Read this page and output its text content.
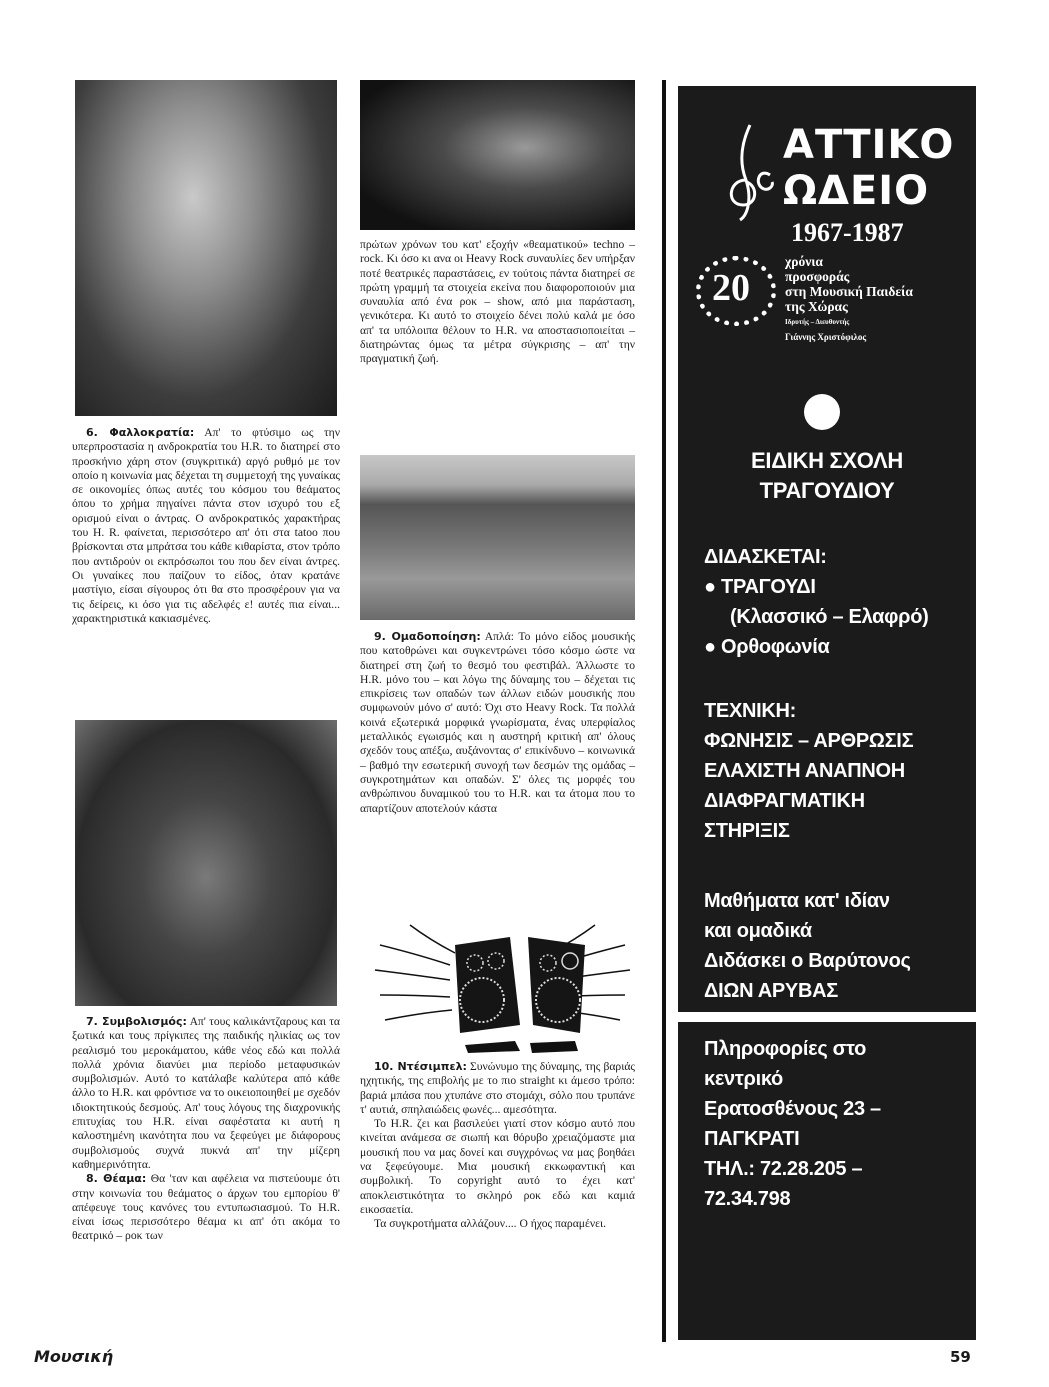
6. Φαλλοκρατία: Απ' το φτύσιμο ως την υπερπροστασία η ανδροκρατία του H.R. το διατηρεί στο προσκήνιο χάρη στον (συγκριτικά) αργό ρυθμό με τον οποίο η κοινωνία μας δέχεται τη συμμετοχή της γυναίκας σε οικονομίες όπως αυτές του κόσμου του θεάματος όπου το χρήμα πηγαίνει πάντα στον ισχυρό του εξ ορισμού είναι ο άντρας. Ο ανδροκρατικός χαρακτήρας του H. R. φαίνεται, περισσότερο απ' ότι στα tatoo που βρίσκονται στα μπράτσα του κάθε κιθαρίστα, στον τρόπο που αντιδρούν οι εκπρόσωποι του που δεν είναι άντρες. Οι γυναίκες που παίζουν το είδος, όταν κρατάνε μαστίγιο, είσαι σίγουρος ότι θα στο προσφέρουν για να τις δείρεις, κι όσο για τις αδελφές ε! αυτές πια είναι... χαρακτηριστικά κακιασμένες.

7. Συμβολισμός: Απ' τους καλικάντζαρους και τα ξωτικά και τους πρίγκιπες της παιδικής ηλικίας ως τον ρεαλισμό του μεροκάματου, κάθε νέος εδώ και πολλά πολλά χρόνια διανύει μια περίοδο μεταφυσικών συμβολισμών. Αυτό το κατάλαβε καλύτερα από κάθε άλλο το H.R. και φρόντισε να το οικειοποιηθεί με σχεδόν ιδιοκτητικούς δεσμούς. Απ' τους λόγους της διαχρονικής επιτυχίας του H.R. είναι σαφέστατα κι αυτή η καλοστημένη ικανότητα που να ξεφεύγει με διάφορους συμβολισμούς συχνά πυκνά απ' την μίζερη καθημερινότητα.

8. Θέαμα: Θα 'ταν και αφέλεια να πιστεύουμε ότι στην κοινωνία του θεάματος ο άρχων του εμπορίου θ' απέφευγε τους κανόνες του εντυπωσιασμού. Το H.R. είναι ίσως περισσότερο θέαμα κι απ' ότι ακόμα το θεατρικό – ροκ των

πρώτων χρόνων του κατ' εξοχήν «θεαματικού» techno – rock. Κι όσο κι ανα οι Heavy Rock συναυλίες δεν υπήρξαν ποτέ θεατρικές παραστάσεις, εν τούτοις πάντα διατηρεί σε πρώτη γραμμή τα στοιχεία εκείνα που διαφοροποιούν μια συναυλία από ένα ροκ – show, από μια παράσταση, γενικότερα. Κι αυτό το στοιχείο δένει πολύ καλά με όσο απ' τα υπόλοιπα θέλουν το H.R. να αποστασιοποιείται – διατηρώντας όμως τα μέτρα σύγκρισης – απ' την πραγματική ζωή.

9. Ομαδοποίηση: Απλά: Το μόνο είδος μουσικής που κατοθρώνει και συγκεντρώνει τόσο κόσμο ώστε να διατηρεί στη ζωή το θεσμό του φεστιβάλ. Άλλωστε το H.R. μόνο του – και λόγω της δύναμης του – δέχεται τις επικρίσεις των οπαδών των άλλων ειδών μουσικής που συμφωνούν μόνο σ' αυτό: Όχι στο Heavy Rock. Τα πολλά κοινά εξωτερικά μορφικά γνωρίσματα, ένας υπερφίαλος μεταλλικός εγωισμός και η αυστηρή κριτική απ' όλους σχεδόν τους απέξω, αυξάνοντας σ' επικίνδυνο – κοινωνικά – βαθμό την εσωτερική συνοχή των δεσμών της ομάδας – συγκροτημάτων και οπαδών. Σ' όλες τις μορφές του ανθρώπινου δυναμικού του το H.R. και τα άτομα που το απαρτίζουν αποτελούν κάστα

10. Ντέσιμπελ: Συνώνυμο της δύναμης, της βαριάς ηχητικής, της επιβολής με το πιο straight κι άμεσο τρόπο: βαριά μπάσα που χτυπάνε στο στομάχι, σόλο που τρυπάνε τ' αυτιά, σπηλαιώδεις φωνές... αμεσότητα.

Το H.R. ζει και βασιλεύει γιατί στον κόσμο αυτό που κινείται ανάμεσα σε σιωπή και θόρυβο χρειαζόμαστε μια μουσική που να μας δονεί και συγχρόνως να μας βοηθάει να ξεφεύγουμε. Μια μουσική εκκωφαντική και συμβολική. Το copyright αυτό το έχει κατ' αποκλειστικότητα το σκληρό ροκ εδώ και καμιά εικοσαετία.

Τα συγκροτήματα αλλάζουν.... Ο ήχος παραμένει.

ΑΤΤΙΚΟ
ΩΔΕΙΟ
1967-1987
20
χρόνια
προσφοράς
στη Μουσική Παιδεία
της Χώρας
Ιδρυτής – Διευθυντής
Γιάννης Χριστόφιλος
ΕΙΔΙΚΗ ΣΧΟΛΗ
ΤΡΑΓΟΥΔΙΟΥ
ΔΙΔΑΣΚΕΤΑΙ:
● ΤΡΑΓΟΥΔΙ
(Κλασσικό – Ελαφρό)
● Ορθοφωνία
ΤΕΧΝΙΚΗ:
ΦΩΝΗΣΙΣ – ΑΡΘΡΩΣΙΣ
ΕΛΑΧΙΣΤΗ ΑΝΑΠΝΟΗ
ΔΙΑΦΡΑΓΜΑΤΙΚΗ
ΣΤΗΡΙΞΙΣ
Μαθήματα κατ' ιδίαν
και ομαδικά
Διδάσκει ο Βαρύτονος
ΔΙΩΝ ΑΡΥΒΑΣ
Πληροφορίες στο
κεντρικό
Ερατοσθένους 23 –
ΠΑΓΚΡΑΤΙ
ΤΗΛ.: 72.28.205 –
72.34.798
Μουσική	59
